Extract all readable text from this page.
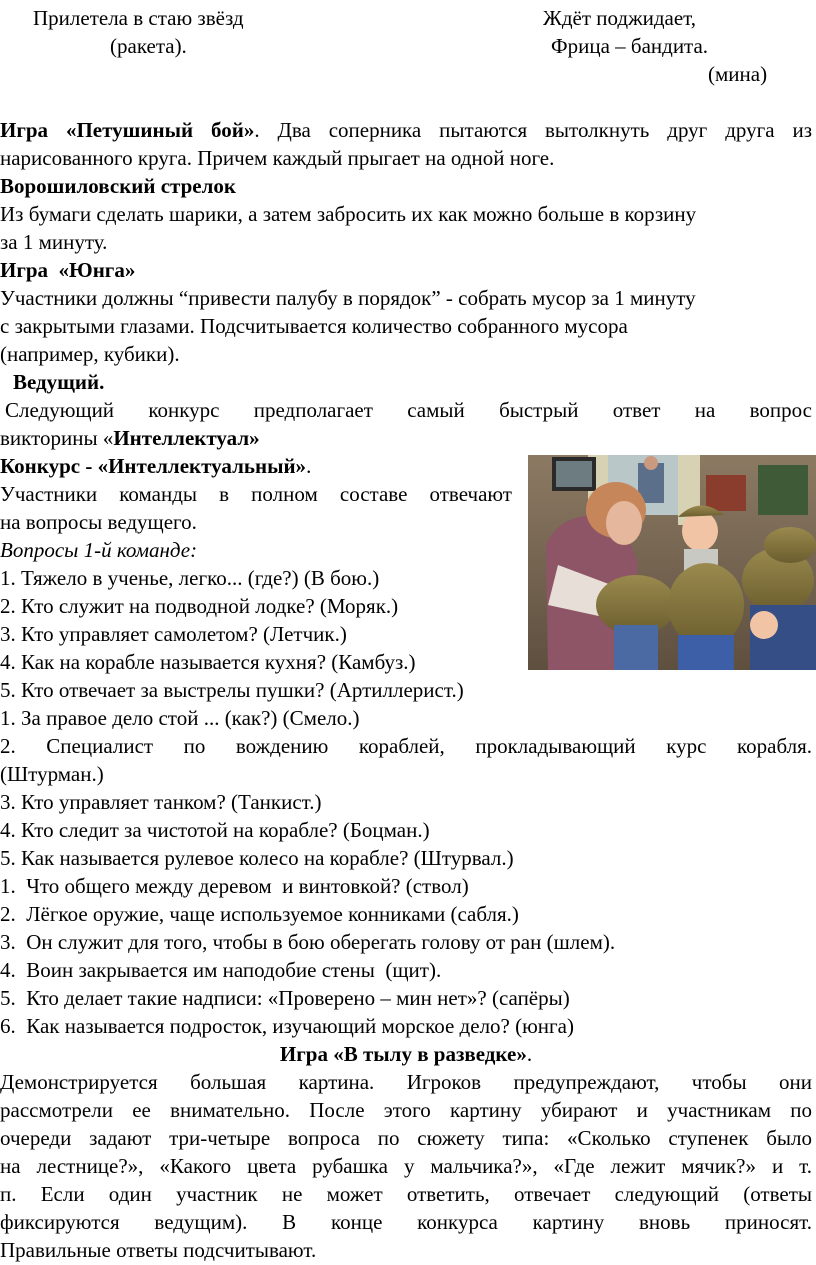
Прилетела в стаю звёзд
(ракета).
Ждёт поджидает,
Фрица – бандита.
(мина)
Игра «Петушиный бой». Два соперника пытаются вытолкнуть друг друга из
нарисованного круга. Причем каждый прыгает на одной ноге.
Ворошиловский стрелок
Из бумаги сделать шарики, а затем забросить их как можно больше в корзину
за 1 минуту.
Игра  «Юнга»
Участники должны “привести палубу в порядок” - собрать мусор за 1 минуту
с закрытыми глазами. Подсчитывается количество собранного мусора
(например, кубики).
Ведущий.
Следующий конкурс предполагает самый быстрый ответ на вопрос
викторины «Интеллектуал»
Конкурс - «Интеллектуальный».
Участники команды в полном составе отвечают
на вопросы ведущего.
Вопросы 1-й команде:
1. Тяжело в ученье, легко... (где?) (В бою.)
2. Кто служит на подводной лодке? (Моряк.)
3. Кто управляет самолетом? (Летчик.)
4. Как на корабле называется кухня? (Камбуз.)
5. Кто отвечает за выстрелы пушки? (Артиллерист.)
1. За правое дело стой ... (как?) (Смело.)
2. Специалист по вождению кораблей, прокладывающий курс корабля.
(Штурман.)
3. Кто управляет танком? (Танкист.)
4. Кто следит за чистотой на корабле? (Боцман.)
5. Как называется рулевое колесо на корабле? (Штурвал.)
1.  Что общего между деревом  и винтовкой? (ствол)
2.  Лёгкое оружие, чаще используемое конниками (сабля.)
3.  Он служит для того, чтобы в бою оберегать голову от ран (шлем).
4.  Воин закрывается им наподобие стены  (щит).
5.  Кто делает такие надписи: «Проверено – мин нет»? (сапёры)
6.  Как называется подросток, изучающий морское дело? (юнга)
Игра «В тылу в разведке».
Демонстрируется большая картина. Игроков предупреждают, чтобы они
рассмотрели ее внимательно. После этого картину убирают и участникам по
очереди задают три-четыре вопроса по сюжету типа: «Сколько ступенек было
на лестнице?», «Какого цвета рубашка у мальчика?», «Где лежит мячик?» и т.
п. Если один участник не может ответить, отвечает следующий (ответы
фиксируются ведущим). В конце конкурса картину вновь приносят.
Правильные ответы подсчитывают.
